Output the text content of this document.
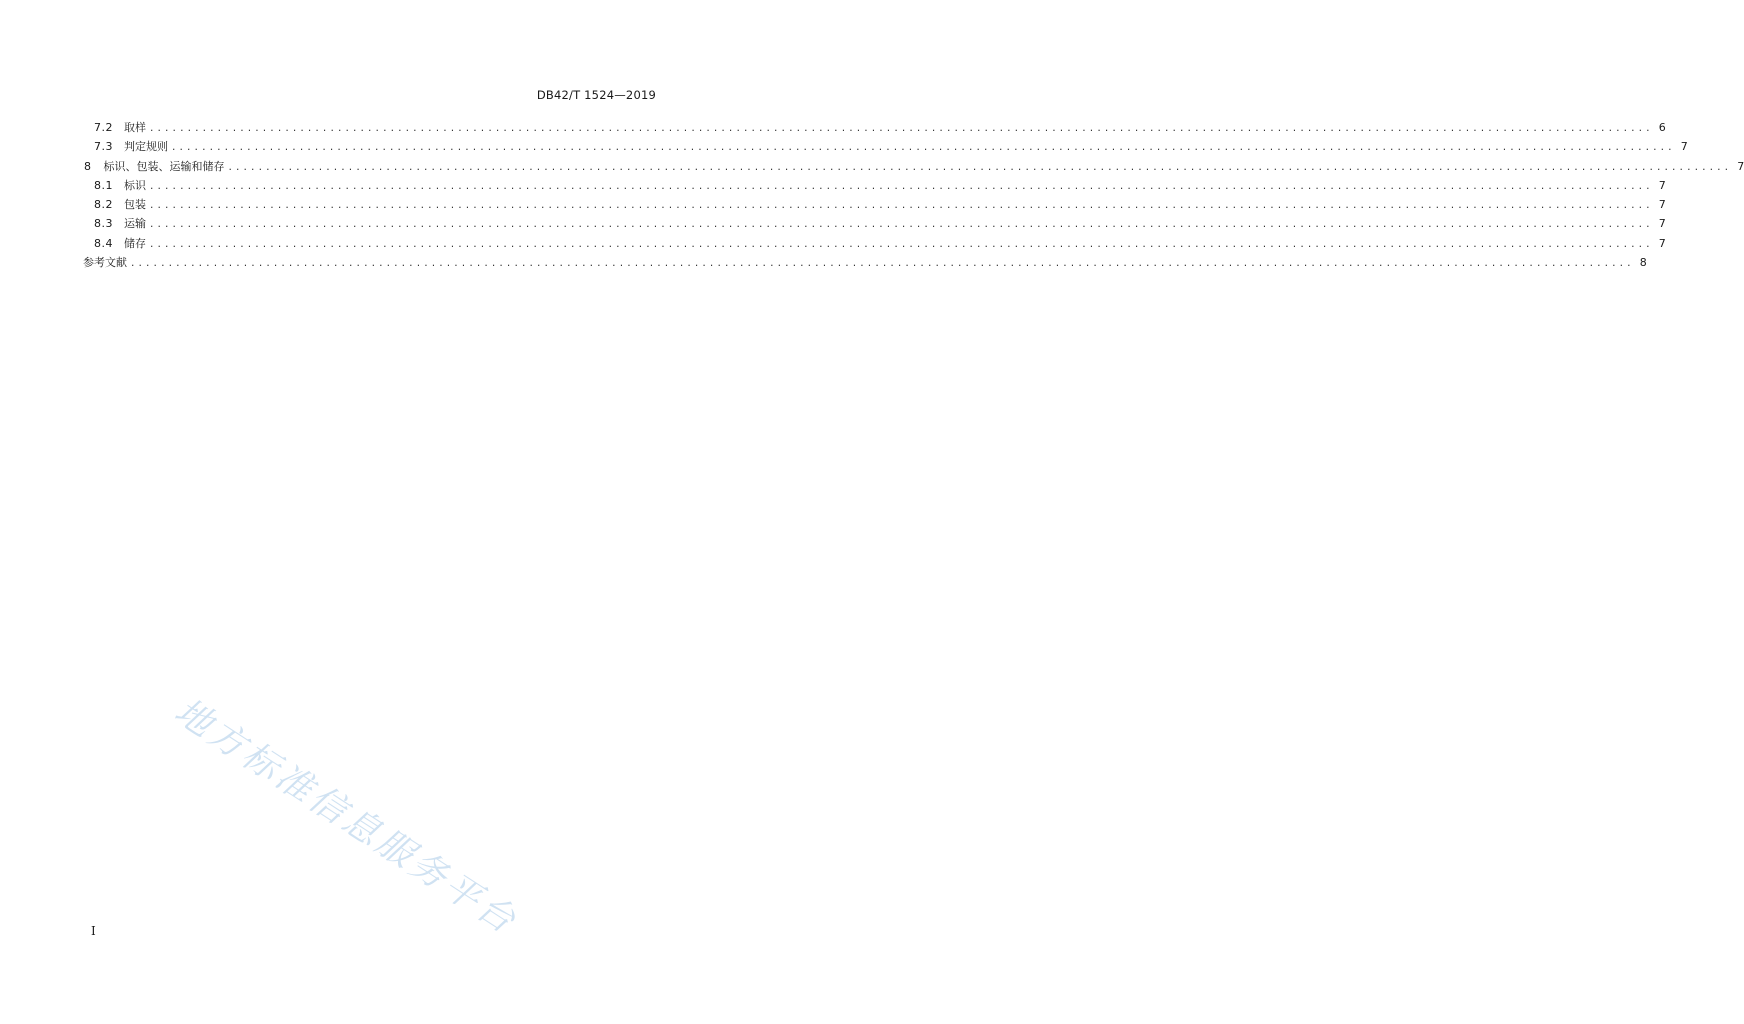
DB42/T 1524—2019
7.2 取样 ........................................................................................................................................................................................................ 6
7.3 判定规则 ........................................................................................................................................................................................................ 7
8 标识、包装、运输和储存 ........................................................................................................................................................................................................ 7
8.1 标识 ........................................................................................................................................................................................................ 7
8.2 包装 ........................................................................................................................................................................................................ 7
8.3 运输 ........................................................................................................................................................................................................ 7
8.4 储存 ........................................................................................................................................................................................................ 7
参考文献 ........................................................................................................................................................................................................ 8
地方标准信息服务平台
I
